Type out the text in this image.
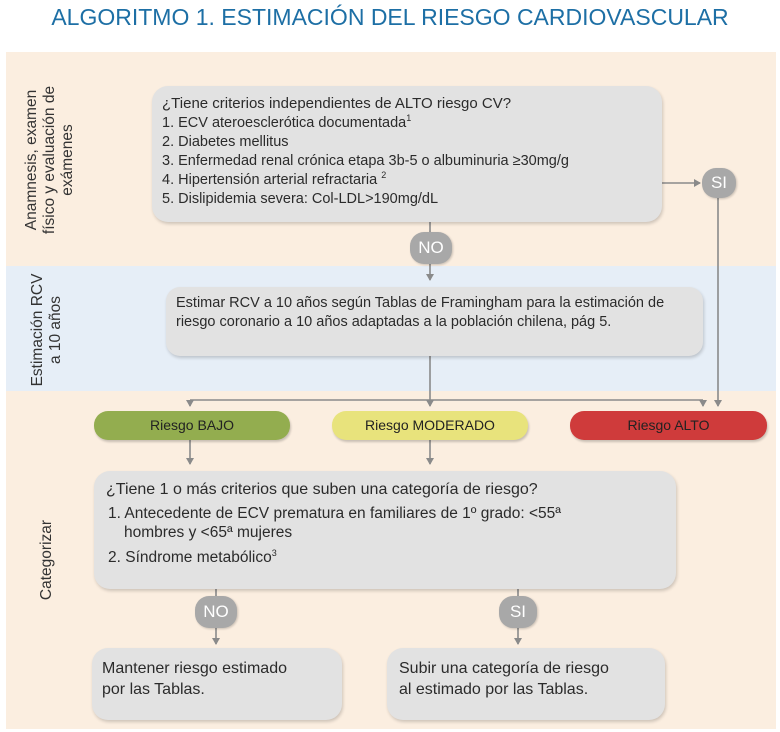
ALGORITMO 1. ESTIMACIÓN DEL RIESGO CARDIOVASCULAR
Anamnesis, examen físico y evaluación de exámenes
Estimación RCV a 10 años
Categorizar
¿Tiene criterios independientes de ALTO riesgo CV?
1. ECV ateroesclerótica documentada$^1$
2. Diabetes mellitus
3. Enfermedad renal crónica etapa 3b-5 o albuminuria ≥30mg/g
4. Hipertensión arterial refractaria $^2$
5. Dislipidemia severa: Col-LDL>190mg/dL
SI
NO
Estimar RCV a 10 años según Tablas de Framingham para la estimación de
riesgo coronario a 10 años adaptadas a la población chilena, pág 5.
Riesgo BAJO	Riesgo MODERADO	Riesgo ALTO
¿Tiene 1 o más criterios que suben una categoría de riesgo?
1. Antecedente de ECV prematura en familiares de 1º grado: <55ª
hombres y <65ª mujeres
2. Síndrome metabólico$^3$
NO	SI
Mantener riesgo estimado
por las Tablas.
Subir una categoría de riesgo
al estimado por las Tablas.
